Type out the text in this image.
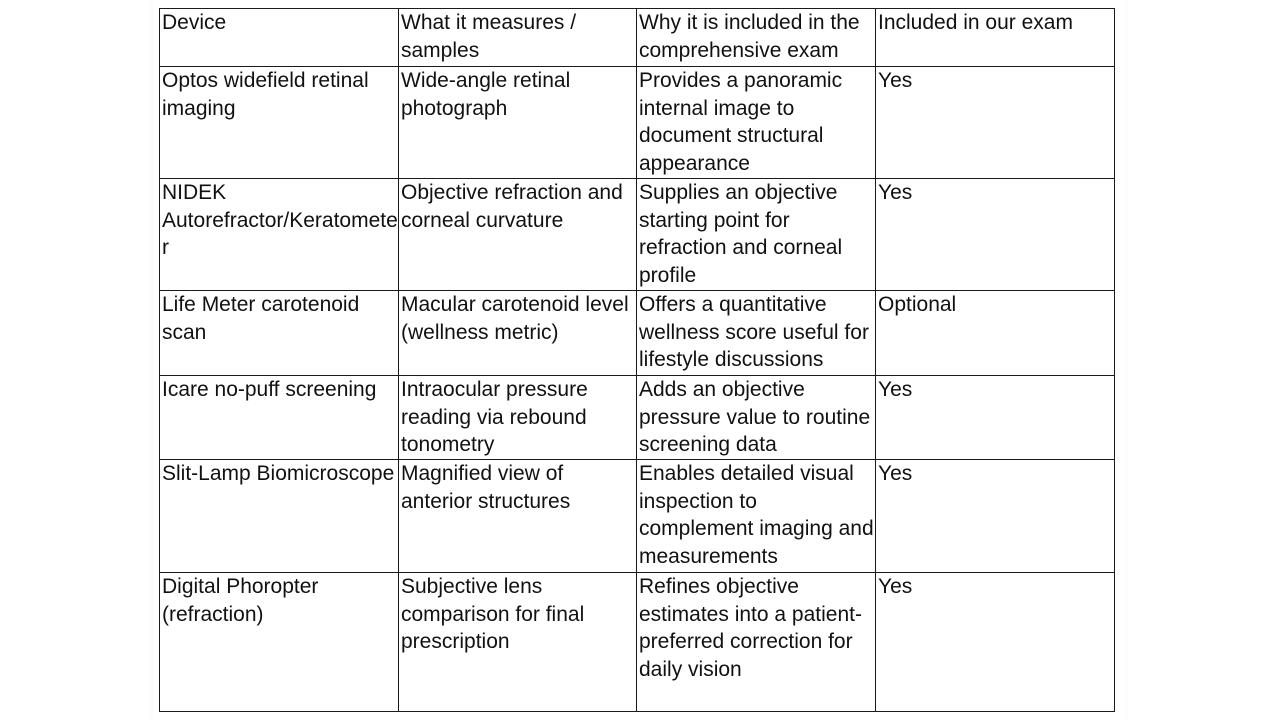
Device	What it measures / samples	Why it is included in the comprehensive exam	Included in our exam
Optos widefield retinal imaging	Wide-angle retinal photograph	Provides a panoramic internal image to document structural appearance	Yes
NIDEK Autorefractor/Keratometer	Objective refraction and corneal curvature	Supplies an objective starting point for refraction and corneal profile	Yes
Life Meter carotenoid scan	Macular carotenoid level (wellness metric)	Offers a quantitative wellness score useful for lifestyle discussions	Optional
Icare no-puff screening	Intraocular pressure reading via rebound tonometry	Adds an objective pressure value to routine screening data	Yes
Slit-Lamp Biomicroscope	Magnified view of anterior structures	Enables detailed visual inspection to complement imaging and measurements	Yes
Digital Phoropter (refraction)	Subjective lens comparison for final prescription	Refines objective estimates into a patient-preferred correction for daily vision	Yes
